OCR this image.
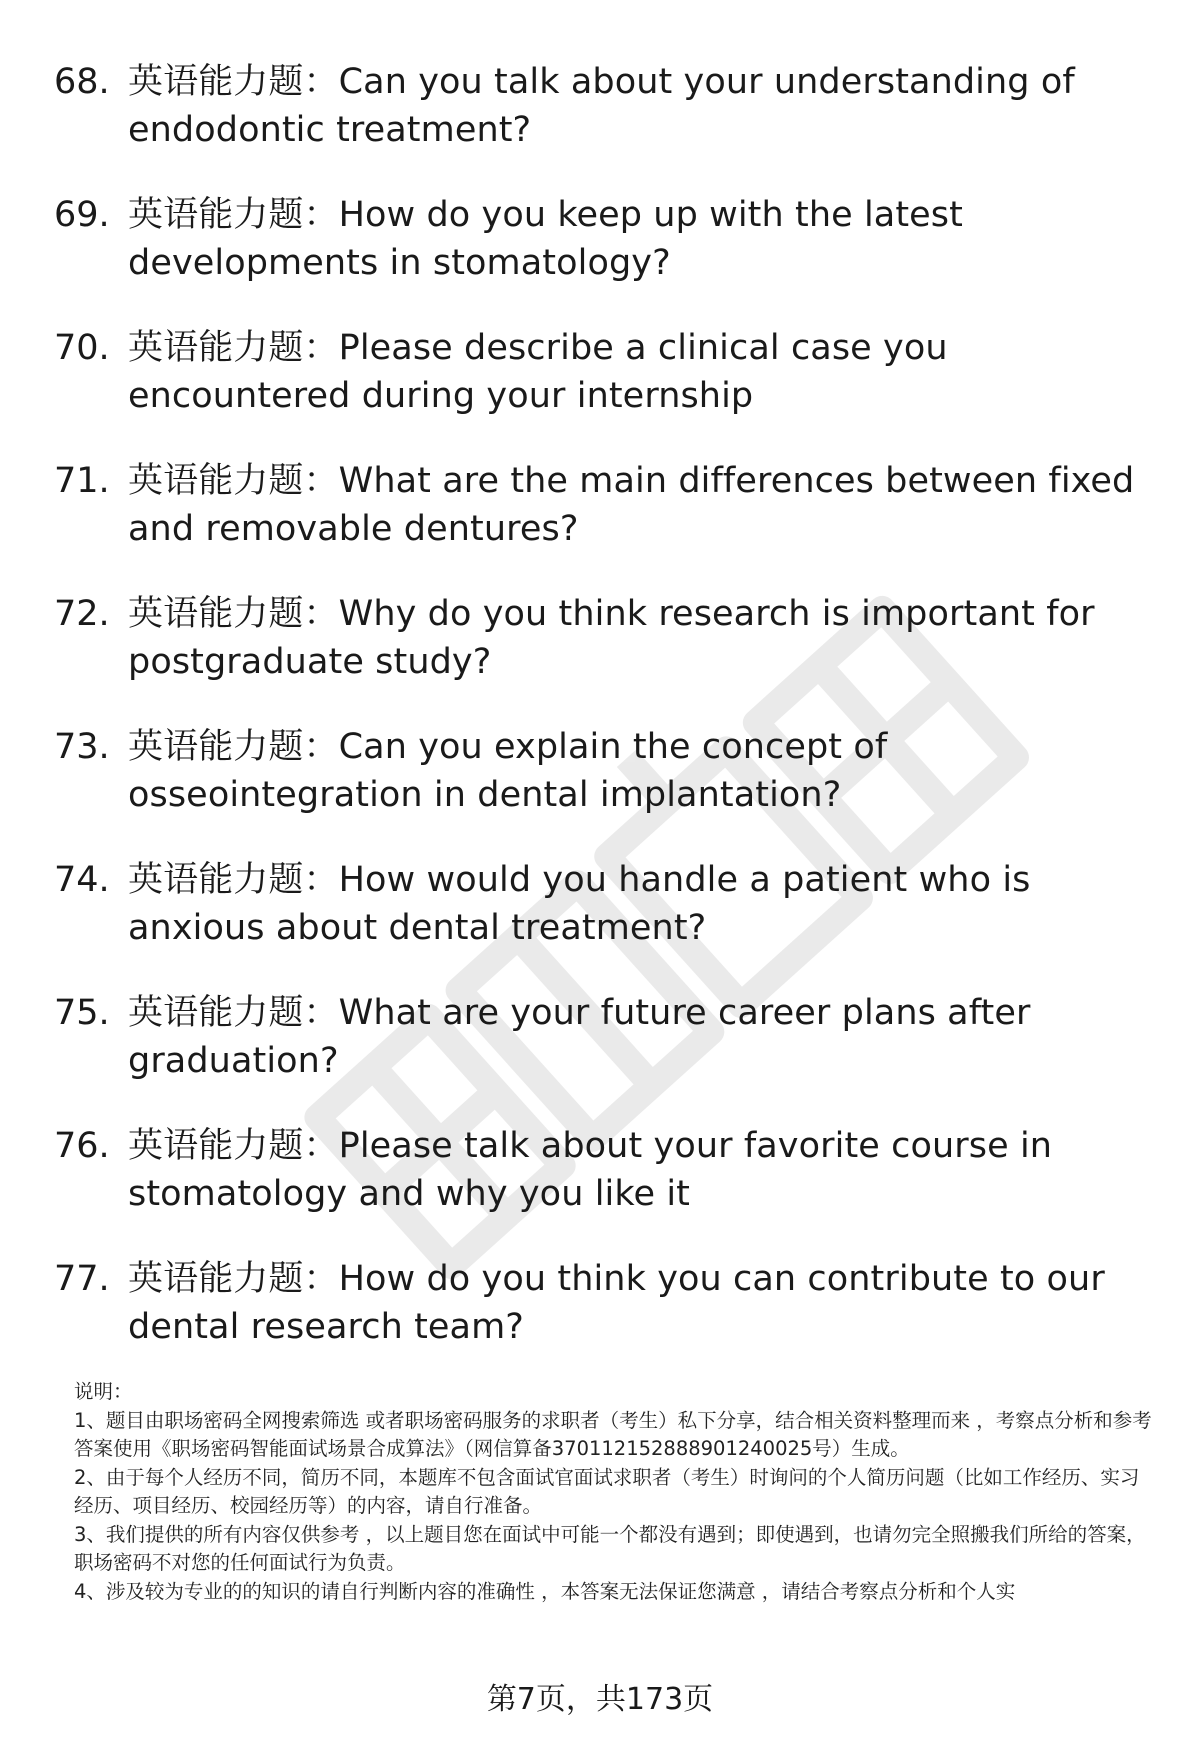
68. 英语能力题：Can you talk about your understanding of endodontic treatment?
69. 英语能力题：How do you keep up with the latest developments in stomatology?
70. 英语能力题：Please describe a clinical case you encountered during your internship
71. 英语能力题：What are the main differences between fixed and removable dentures?
72. 英语能力题：Why do you think research is important for postgraduate study?
73. 英语能力题：Can you explain the concept of osseointegration in dental implantation?
74. 英语能力题：How would you handle a patient who is anxious about dental treatment?
75. 英语能力题：What are your future career plans after graduation?
76. 英语能力题：Please talk about your favorite course in stomatology and why you like it
77. 英语能力题：How do you think you can contribute to our dental research team?

说明：

1、题目由职场密码全网搜索筛选 或者职场密码服务的求职者（考生）私下分享，结合相关资料整理而来 ，考察点分析和参考答案使用《职场密码智能面试场景合成算法》（网信算备370112152888901240025号）生成。

2、由于每个人经历不同，简历不同，本题库不包含面试官面试求职者（考生）时询问的个人简历问题（比如工作经历、实习经历、项目经历、校园经历等）的内容，请自行准备。

3、我们提供的所有内容仅供参考 ，以上题目您在面试中可能一个都没有遇到；即使遇到，也请勿完全照搬我们所给的答案，职场密码不对您的任何面试行为负责。

4、涉及较为专业的的知识的请自行判断内容的准确性 ，本答案无法保证您满意 ，请结合考察点分析和个人实

第7页，共173页
